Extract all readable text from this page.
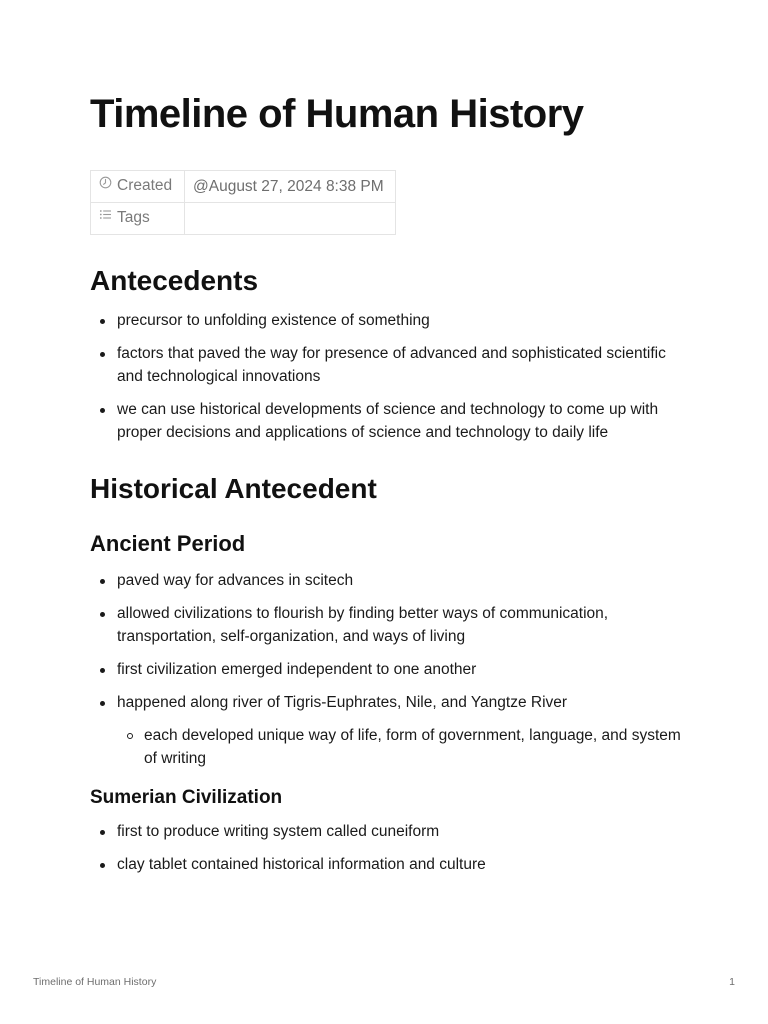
Timeline of Human History
Created	@August 27, 2024 8:38 PM
Tags	
Antecedents
precursor to unfolding existence of something
factors that paved the way for presence of advanced and sophisticated scientific and technological innovations
we can use historical developments of science and technology to come up with proper decisions and applications of science and technology to daily life
Historical Antecedent
Ancient Period
paved way for advances in scitech
allowed civilizations to flourish by finding better ways of communication, transportation, self-organization, and ways of living
first civilization emerged independent to one another
happened along river of Tigris-Euphrates, Nile, and Yangtze River
each developed unique way of life, form of government, language, and system of writing
Sumerian Civilization
first to produce writing system called cuneiform
clay tablet contained historical information and culture
Timeline of Human History	1
